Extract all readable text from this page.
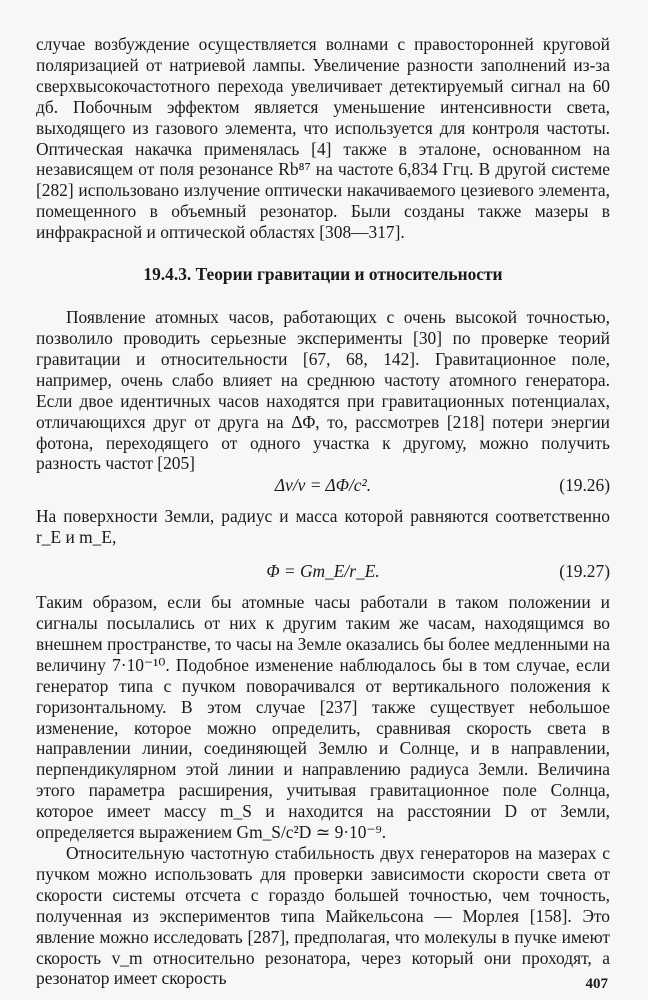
случае возбуждение осуществляется волнами с правосторонней круговой поляризацией от натриевой лампы. Увеличение разности заполнений из-за сверхвысокочастотного перехода увеличивает детектируемый сигнал на 60 дб. Побочным эффектом является уменьшение интенсивности света, выходящего из газового элемента, что используется для контроля частоты. Оптическая накачка применялась [4] также в эталоне, основанном на независящем от поля резонансе Rb⁸⁷ на частоте 6,834 Ггц. В другой системе [282] использовано излучение оптически накачиваемого цезиевого элемента, помещенного в объемный резонатор. Были созданы также мазеры в инфракрасной и оптической областях [308—317].

19.4.3. Теории гравитации и относительности

Появление атомных часов, работающих с очень высокой точностью, позволило проводить серьезные эксперименты [30] по проверке теорий гравитации и относительности [67, 68, 142]. Гравитационное поле, например, очень слабо влияет на среднюю частоту атомного генератора. Если двое идентичных часов находятся при гравитационных потенциалах, отличающихся друг от друга на ΔΦ, то, рассмотрев [218] потери энергии фотона, переходящего от одного участка к другому, можно получить разность частот [205]

Δν/ν = ΔΦ/c².	(19.26)

На поверхности Земли, радиус и масса которой равняются соответственно r_E и m_E,

Φ = Gm_E/r_E.	(19.27)

Таким образом, если бы атомные часы работали в таком положении и сигналы посылались от них к другим таким же часам, находящимся во внешнем пространстве, то часы на Земле оказались бы более медленными на величину 7·10⁻¹⁰. Подобное изменение наблюдалось бы в том случае, если генератор типа с пучком поворачивался от вертикального положения к горизонтальному. В этом случае [237] также существует небольшое изменение, которое можно определить, сравнивая скорость света в направлении линии, соединяющей Землю и Солнце, и в направлении, перпендикулярном этой линии и направлению радиуса Земли. Величина этого параметра расширения, учитывая гравитационное поле Солнца, которое имеет массу m_S и находится на расстоянии D от Земли, определяется выражением Gm_S/c²D ≃ 9·10⁻⁹.

Относительную частотную стабильность двух генераторов на мазерах с пучком можно использовать для проверки зависимости скорости света от скорости системы отсчета с гораздо большей точностью, чем точность, полученная из экспериментов типа Майкельсона — Морлея [158]. Это явление можно исследовать [287], предполагая, что молекулы в пучке имеют скорость v_m относительно резонатора, через который они проходят, а резонатор имеет скорость	407
